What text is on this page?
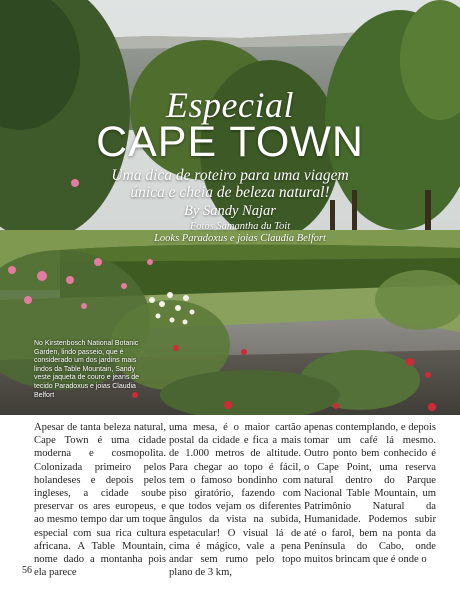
Especial
CAPE TOWN
Uma dica de roteiro para uma viagem única e cheia de beleza natural!
By Sandy Najar
Fotos Samantha du Toit
Looks Paradoxus e joias Claudia Belfort
No Kirstenbosch National Botanic Garden, lindo passeio, que é considerado um dos jardins mais lindos da Table Mountain, Sandy veste jaqueta de couro e jeans de tecido Paradoxus e joias Claudia Belfort

Apesar de tanta beleza natural, Cape Town é uma cidade moderna e cosmopolita. Colonizada primeiro pelos holandeses e depois pelos ingleses, a cidade soube preservar os ares europeus, e ao mesmo tempo dar um toque especial com sua rica cultura africana. A Table Mountain, nome dado a montanha pois ela parece

uma mesa, é o maior cartão postal da cidade e fica a mais de 1.000 metros de altitude. Para chegar ao topo é fácil, tem o famoso bondinho com piso giratório, fazendo com que todos vejam os diferentes ângulos da vista na subida, espetacular! O visual lá de cima é mágico, vale a pena andar sem rumo pelo topo plano de 3 km,

apenas contemplando, e depois tomar um café lá mesmo. Outro ponto bem conhecido é o Cape Point, uma reserva natural dentro do Parque Nacional Table Mountain, um Patrimônio Natural da Humanidade. Podemos subir até o farol, bem na ponta da Península do Cabo, onde muitos brincam que é onde o

56
